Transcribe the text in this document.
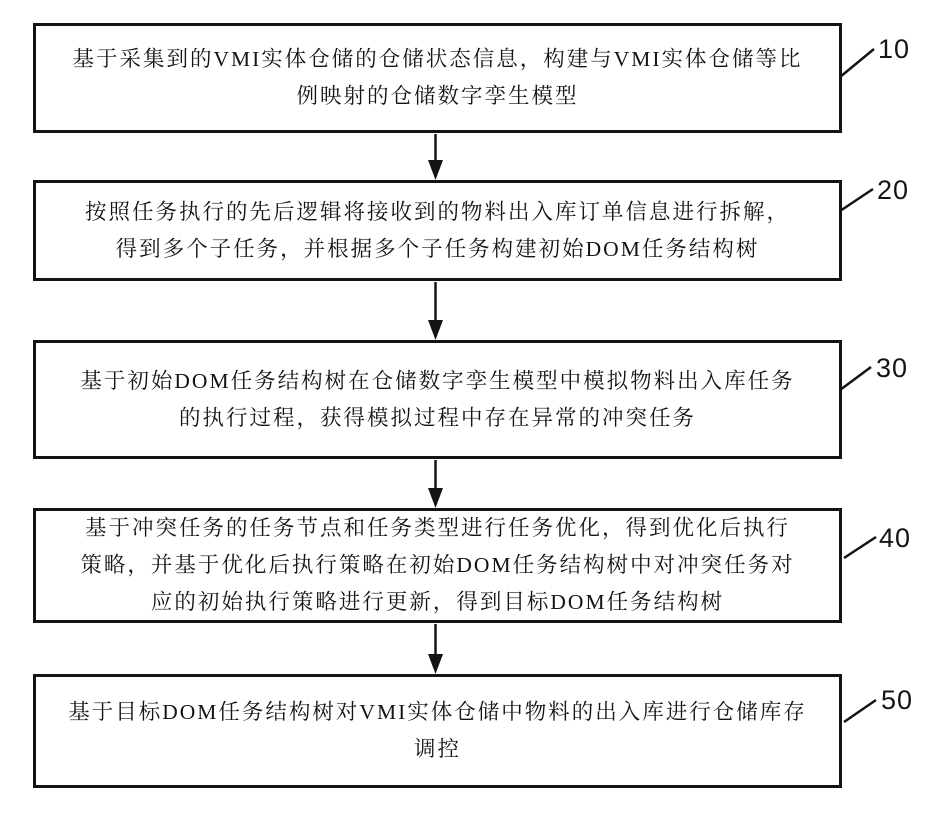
基于采集到的VMI实体仓储的仓储状态信息，构建与VMI实体仓储等比
例映射的仓储数字孪生模型
10
按照任务执行的先后逻辑将接收到的物料出入库订单信息进行拆解，
得到多个子任务，并根据多个子任务构建初始DOM任务结构树
20
基于初始DOM任务结构树在仓储数字孪生模型中模拟物料出入库任务
的执行过程，获得模拟过程中存在异常的冲突任务
30
基于冲突任务的任务节点和任务类型进行任务优化，得到优化后执行
策略，并基于优化后执行策略在初始DOM任务结构树中对冲突任务对
应的初始执行策略进行更新，得到目标DOM任务结构树
40
基于目标DOM任务结构树对VMI实体仓储中物料的出入库进行仓储库存
调控
50
